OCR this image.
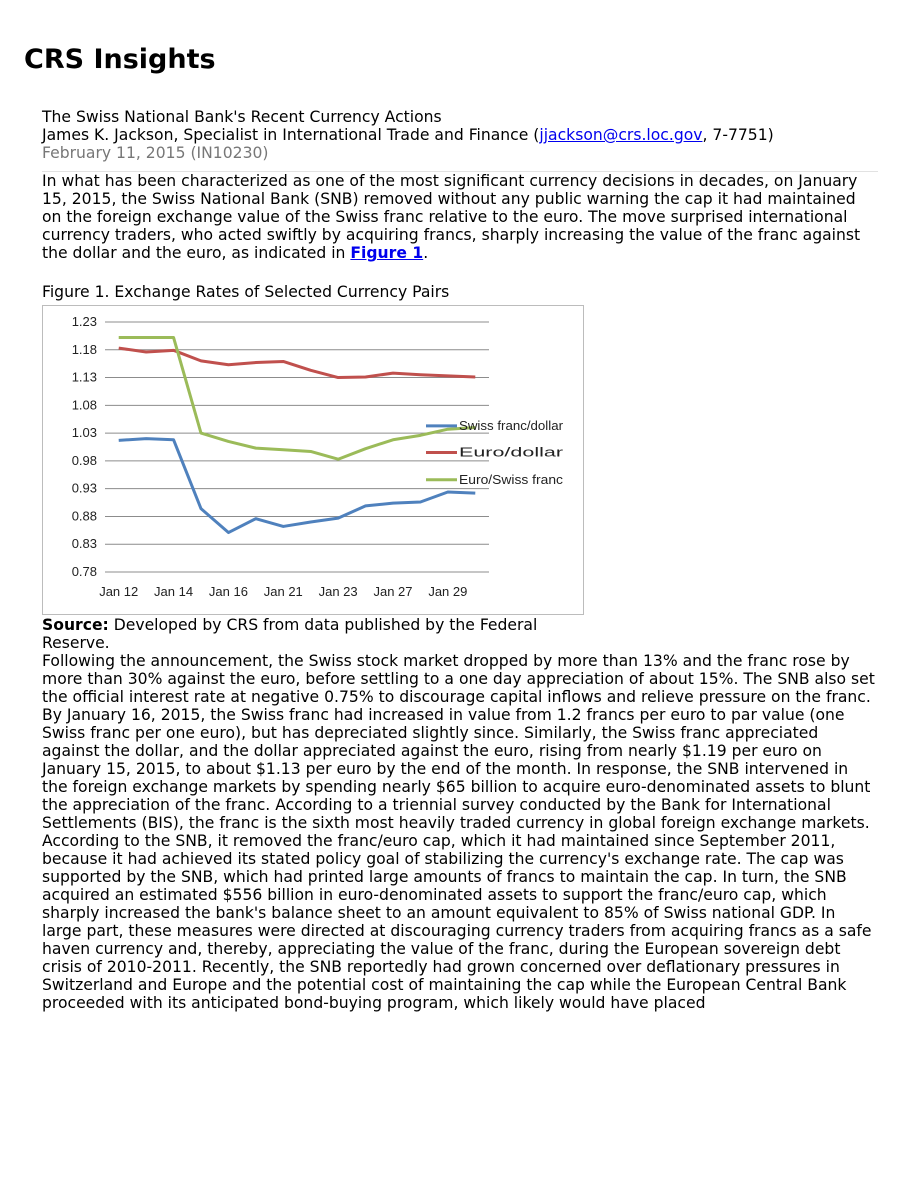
CRS Insights
The Swiss National Bank's Recent Currency Actions
James K. Jackson, Specialist in International Trade and Finance (jjackson@crs.loc.gov, 7-7751)
February 11, 2015 (IN10230)

In what has been characterized as one of the most significant currency decisions in decades, on January 15, 2015, the Swiss National Bank (SNB) removed without any public warning the cap it had maintained on the foreign exchange value of the Swiss franc relative to the euro. The move surprised international currency traders, who acted swiftly by acquiring francs, sharply increasing the value of the franc against the dollar and the euro, as indicated in Figure 1.

Figure 1. Exchange Rates of Selected Currency Pairs
1.23
1.18
1.13
1.08
1.03
0.98
0.93
0.88
0.83
0.78
Jan 12 Jan 14 Jan 16 Jan 21 Jan 23 Jan 27 Jan 29
Swiss franc/dollar
Euro/dollar
Euro/Swiss franc
Source: Developed by CRS from data published by the Federal Reserve.

Following the announcement, the Swiss stock market dropped by more than 13% and the franc rose by more than 30% against the euro, before settling to a one day appreciation of about 15%. The SNB also set the official interest rate at negative 0.75% to discourage capital inflows and relieve pressure on the franc. By January 16, 2015, the Swiss franc had increased in value from 1.2 francs per euro to par value (one Swiss franc per one euro), but has depreciated slightly since. Similarly, the Swiss franc appreciated against the dollar, and the dollar appreciated against the euro, rising from nearly $1.19 per euro on January 15, 2015, to about $1.13 per euro by the end of the month. In response, the SNB intervened in the foreign exchange markets by spending nearly $65 billion to acquire euro-denominated assets to blunt the appreciation of the franc. According to a triennial survey conducted by the Bank for International Settlements (BIS), the franc is the sixth most heavily traded currency in global foreign exchange markets.

According to the SNB, it removed the franc/euro cap, which it had maintained since September 2011, because it had achieved its stated policy goal of stabilizing the currency's exchange rate. The cap was supported by the SNB, which had printed large amounts of francs to maintain the cap. In turn, the SNB acquired an estimated $556 billion in euro-denominated assets to support the franc/euro cap, which sharply increased the bank's balance sheet to an amount equivalent to 85% of Swiss national GDP. In large part, these measures were directed at discouraging currency traders from acquiring francs as a safe haven currency and, thereby, appreciating the value of the franc, during the European sovereign debt crisis of 2010-2011. Recently, the SNB reportedly had grown concerned over deflationary pressures in Switzerland and Europe and the potential cost of maintaining the cap while the European Central Bank proceeded with its anticipated bond-buying program, which likely would have placed
